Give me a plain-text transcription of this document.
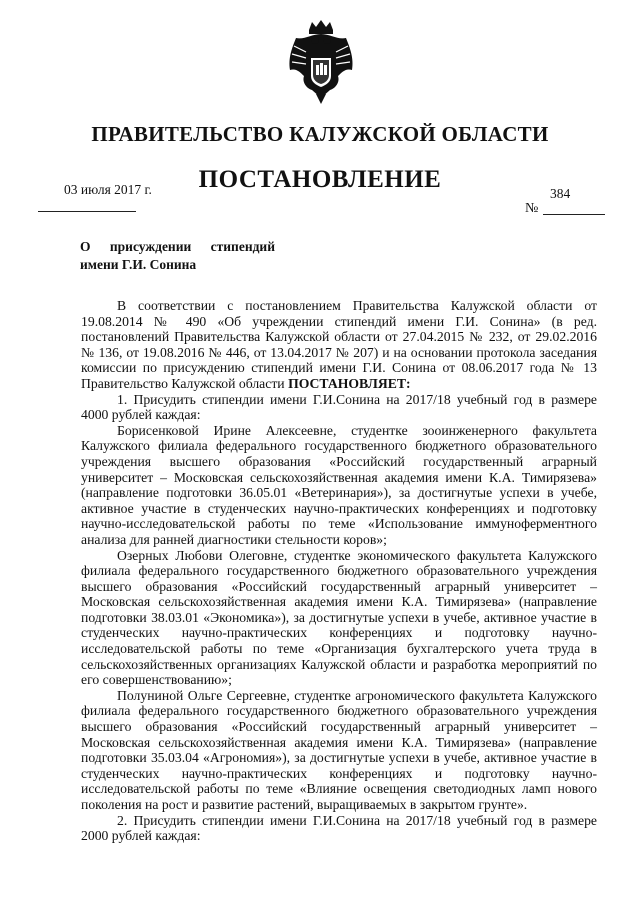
ПРАВИТЕЛЬСТВО КАЛУЖСКОЙ ОБЛАСТИ
ПОСТАНОВЛЕНИЕ
03 июля 2017 г.	384
№
О присуждении стипендий
имени Г.И. Сонина

В соответствии с постановлением Правительства Калужской области от 19.08.2014 № 490 «Об учреждении стипендий имени Г.И. Сонина» (в ред. постановлений Правительства Калужской области от 27.04.2015 № 232, от 29.02.2016 № 136, от 19.08.2016 № 446, от 13.04.2017 № 207) и на основании протокола заседания комиссии по присуждению стипендий имени Г.И. Сонина от 08.06.2017 года № 13 Правительство Калужской области ПОСТАНОВЛЯЕТ:

1. Присудить стипендии имени Г.И.Сонина на 2017/18 учебный год в размере 4000 рублей каждая:

Борисенковой Ирине Алексеевне, студентке зооинженерного факультета Калужского филиала федерального государственного бюджетного образовательного учреждения высшего образования «Российский государственный аграрный университет – Московская сельскохозяйственная академия имени К.А. Тимирязева» (направление подготовки 36.05.01 «Ветеринария»), за достигнутые успехи в учебе, активное участие в студенческих научно-практических конференциях и подготовку научно-исследовательской работы по теме «Использование иммуноферментного анализа для ранней диагностики стельности коров»;

Озерных Любови Олеговне, студентке экономического факультета Калужского филиала федерального государственного бюджетного образовательного учреждения высшего образования «Российский государственный аграрный университет – Московская сельскохозяйственная академия имени К.А. Тимирязева» (направление подготовки 38.03.01 «Экономика»), за достигнутые успехи в учебе, активное участие в студенческих научно-практических конференциях и подготовку научно-исследовательской работы по теме «Организация бухгалтерского учета труда в сельскохозяйственных организациях Калужской области и разработка мероприятий по его совершенствованию»;

Полуниной Ольге Сергеевне, студентке агрономического факультета Калужского филиала федерального государственного бюджетного образовательного учреждения высшего образования «Российский государственный аграрный университет – Московская сельскохозяйственная академия имени К.А. Тимирязева» (направление подготовки 35.03.04 «Агрономия»), за достигнутые успехи в учебе, активное участие в студенческих научно-практических конференциях и подготовку научно-исследовательской работы по теме «Влияние освещения светодиодных ламп нового поколения на рост и развитие растений, выращиваемых в закрытом грунте».

2. Присудить стипендии имени Г.И.Сонина на 2017/18 учебный год в размере 2000 рублей каждая:
